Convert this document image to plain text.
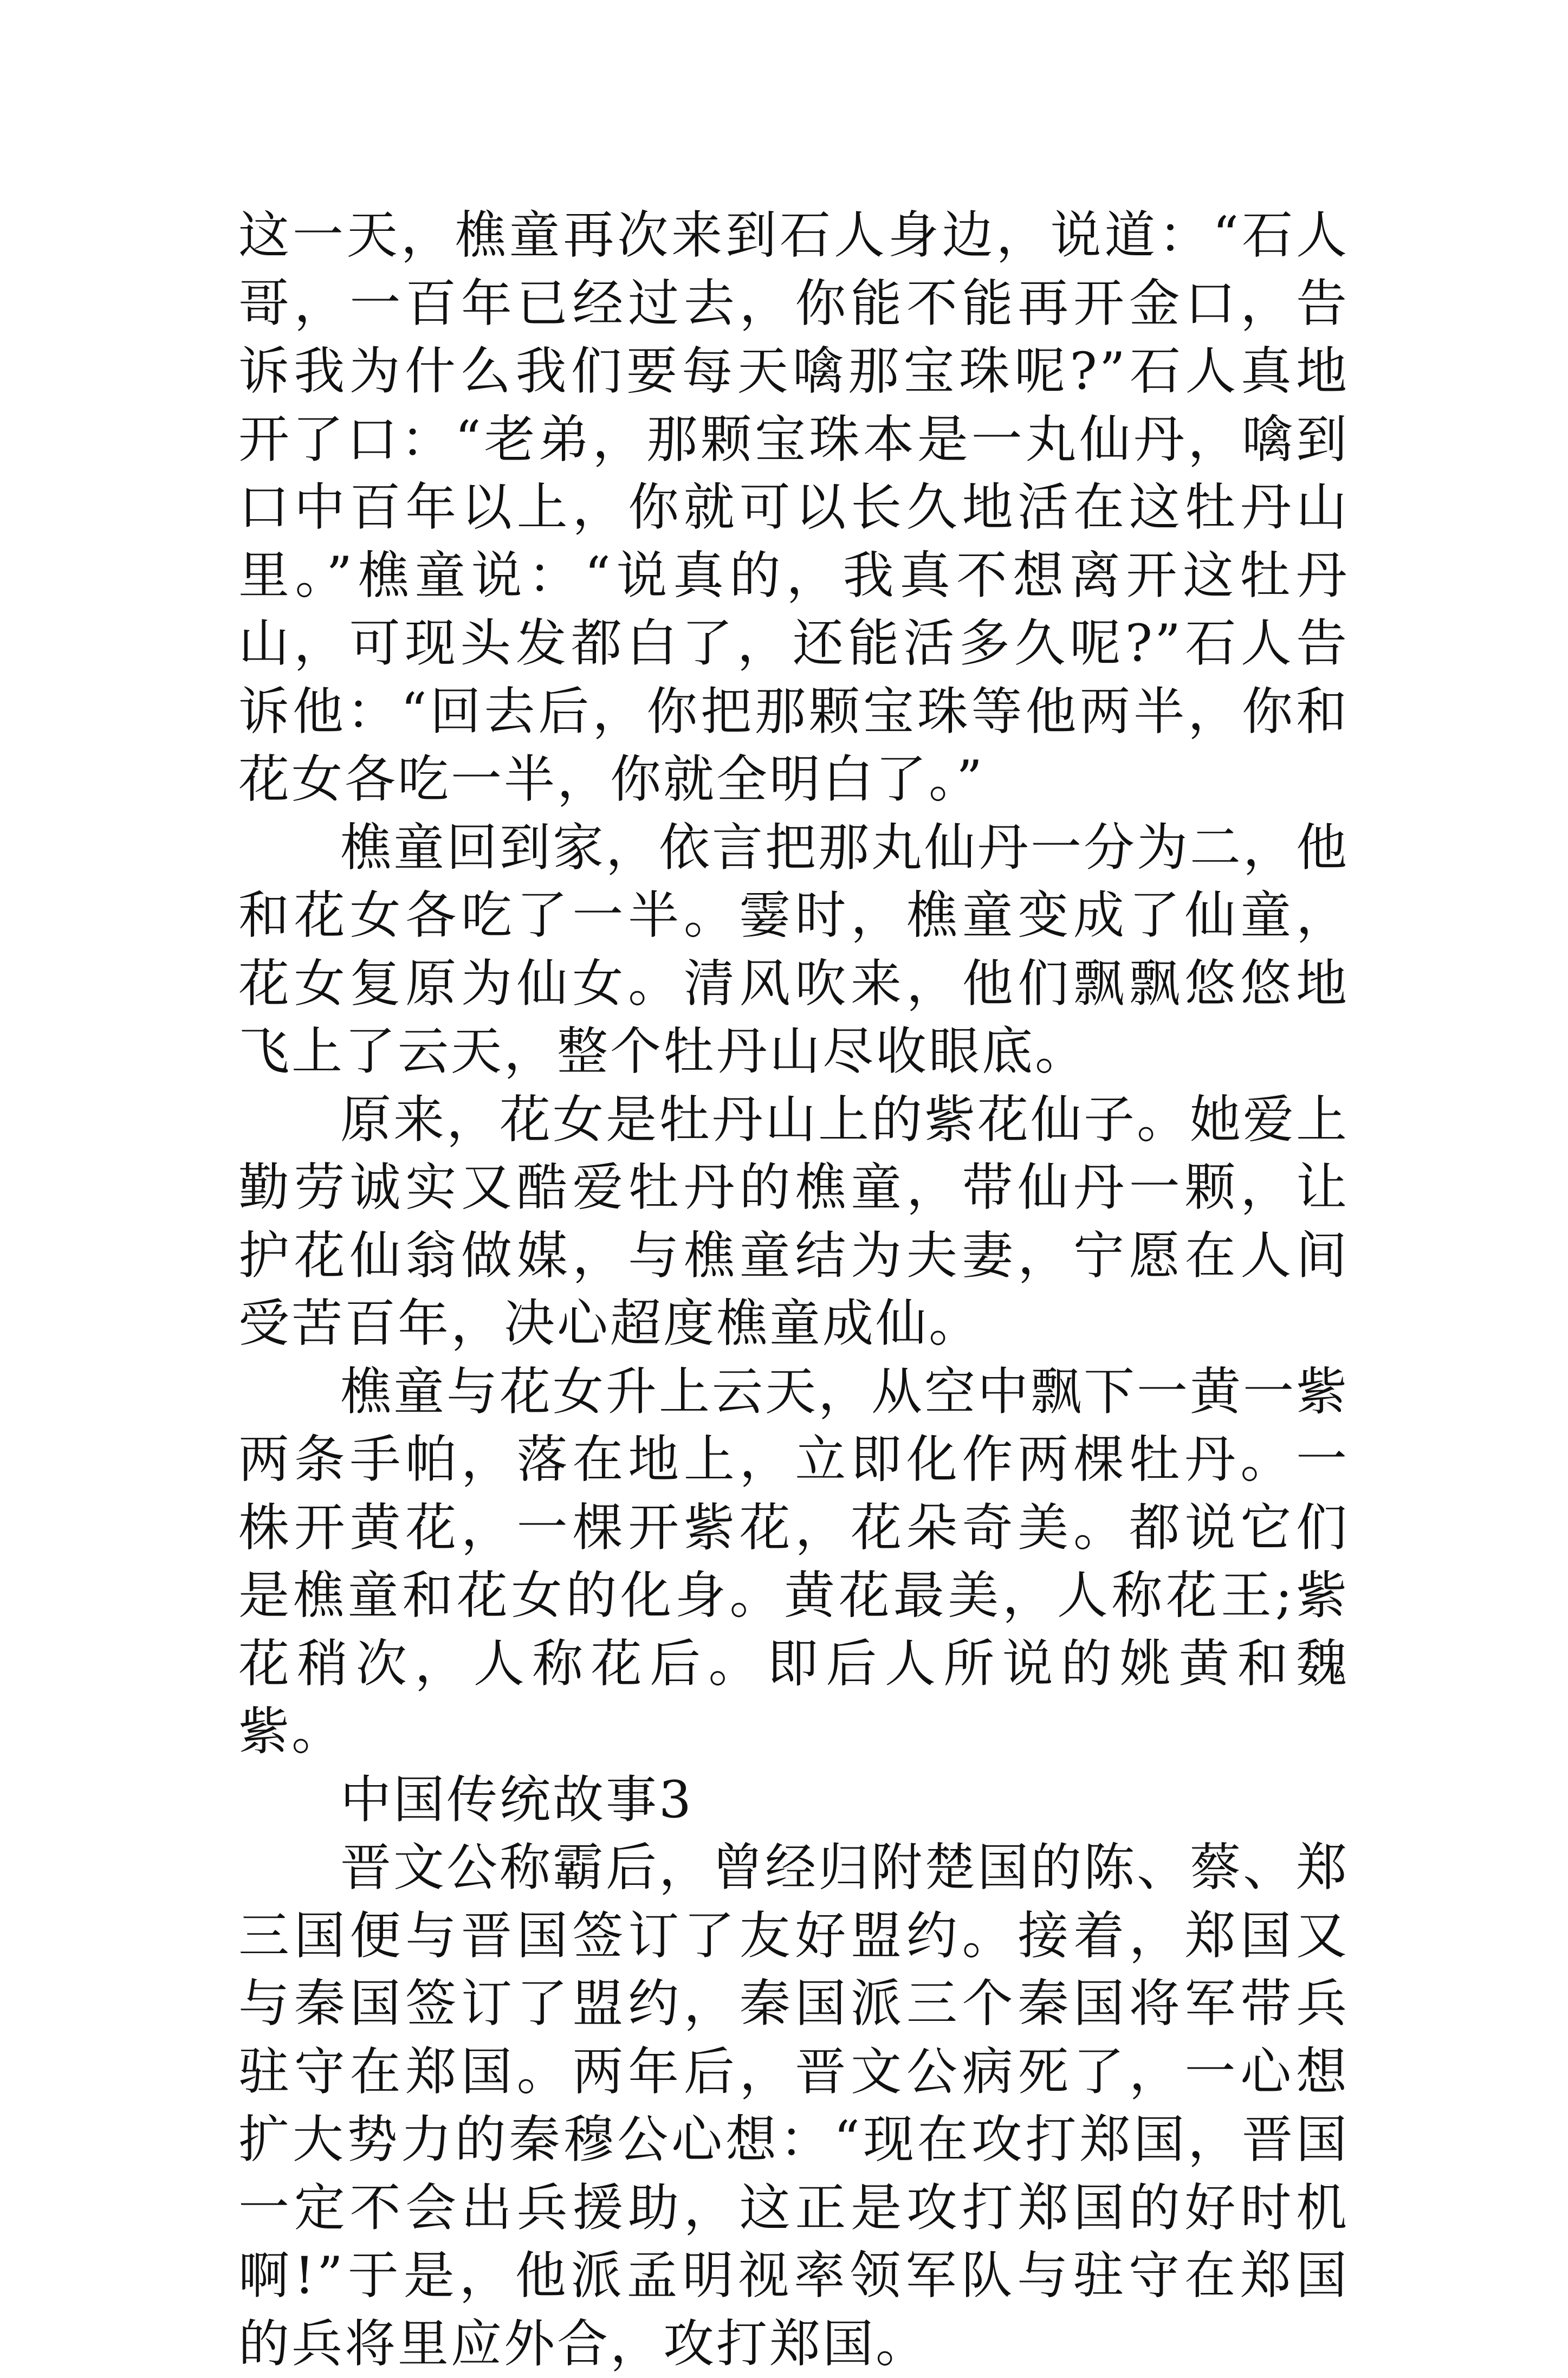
这一天，樵童再次来到石人身边，说道：“石人哥，一百年已经过去，你能不能再开金口，告诉我为什么我们要每天噙那宝珠呢?”石人真地开了口：“老弟，那颗宝珠本是一丸仙丹，噙到口中百年以上，你就可以长久地活在这牡丹山里。”樵童说：“说真的，我真不想离开这牡丹山，可现头发都白了，还能活多久呢?”石人告诉他：“回去后，你把那颗宝珠等他两半，你和花女各吃一半，你就全明白了。”

樵童回到家，依言把那丸仙丹一分为二，他和花女各吃了一半。霎时，樵童变成了仙童，花女复原为仙女。清风吹来，他们飘飘悠悠地飞上了云天，整个牡丹山尽收眼底。

原来，花女是牡丹山上的紫花仙子。她爱上勤劳诚实又酷爱牡丹的樵童，带仙丹一颗，让护花仙翁做媒，与樵童结为夫妻，宁愿在人间受苦百年，决心超度樵童成仙。

樵童与花女升上云天，从空中飘下一黄一紫两条手帕，落在地上，立即化作两棵牡丹。一株开黄花，一棵开紫花，花朵奇美。都说它们是樵童和花女的化身。黄花最美，人称花王;紫花稍次，人称花后。即后人所说的姚黄和魏紫。

中国传统故事3

晋文公称霸后，曾经归附楚国的陈、蔡、郑三国便与晋国签订了友好盟约。接着，郑国又与秦国签订了盟约，秦国派三个秦国将军带兵驻守在郑国。两年后，晋文公病死了，一心想扩大势力的秦穆公心想：“现在攻打郑国，晋国一定不会出兵援助，这正是攻打郑国的好时机啊!”于是，他派孟明视率领军队与驻守在郑国的兵将里应外合，攻打郑国。
